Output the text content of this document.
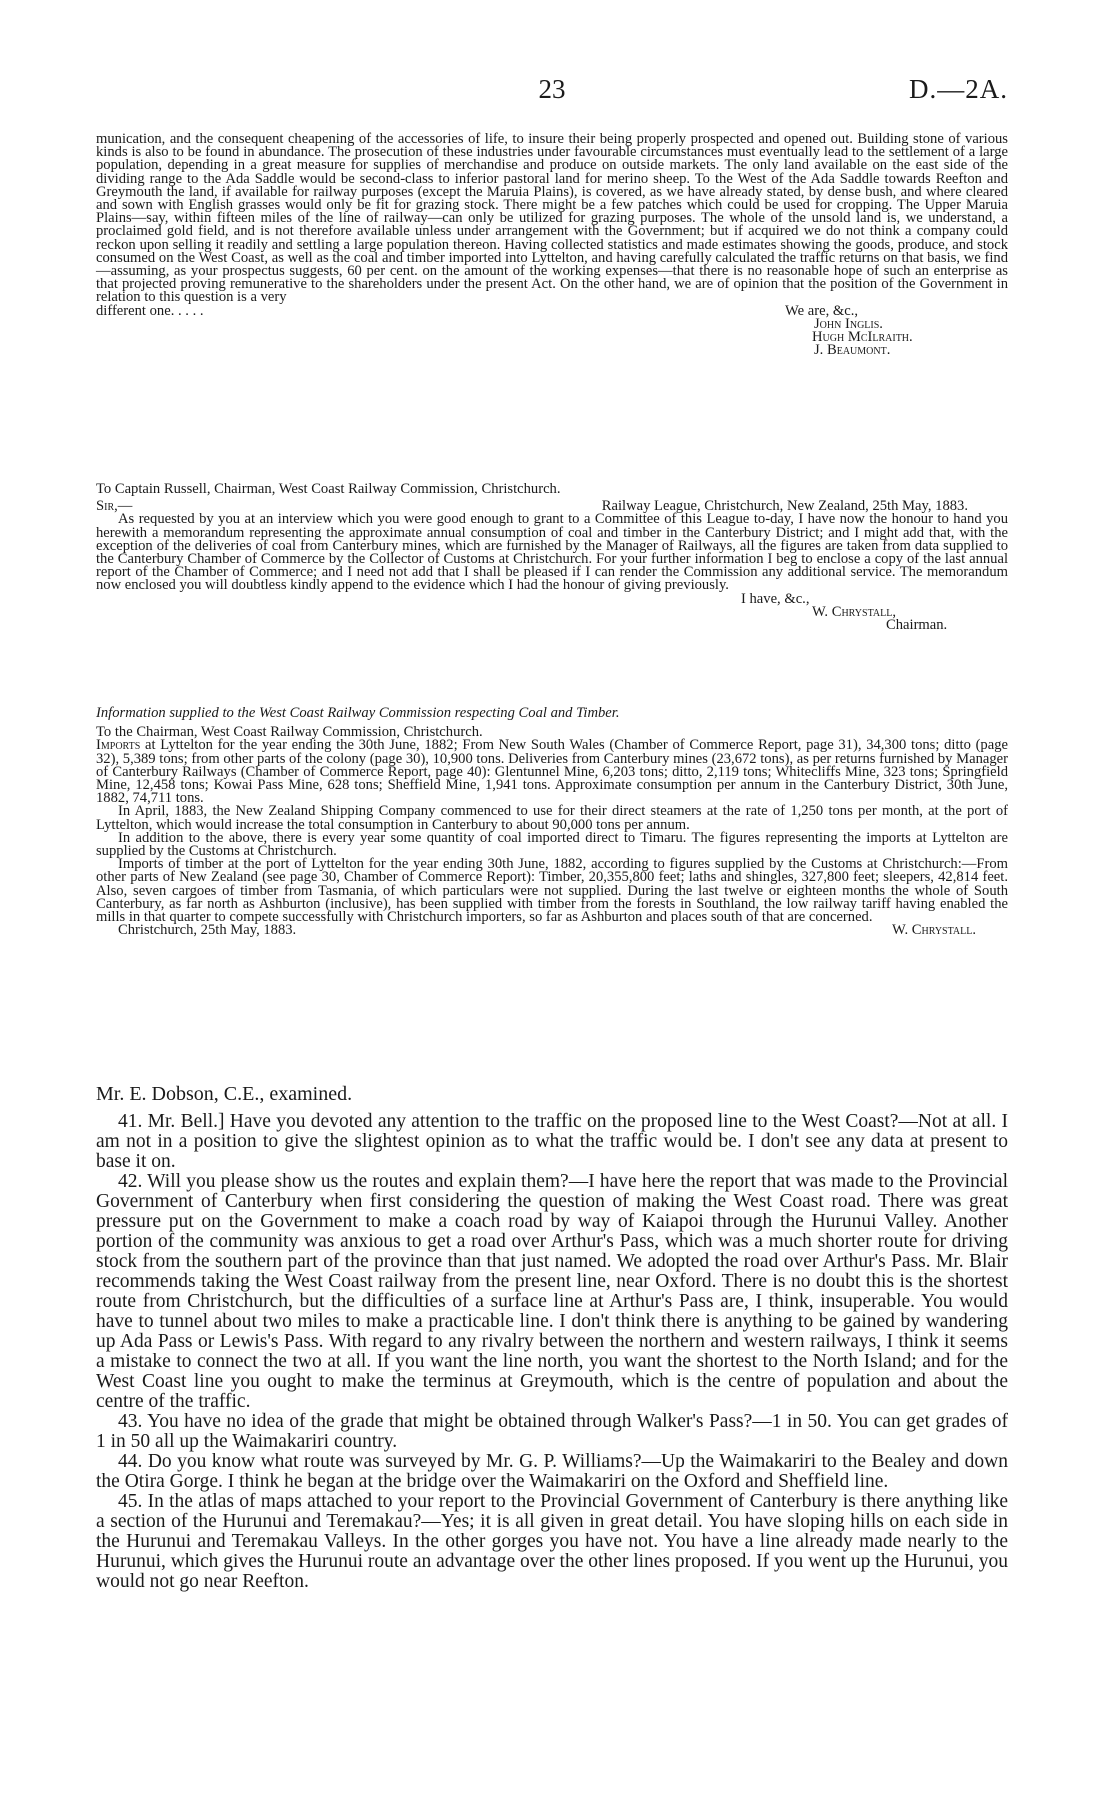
23	D.—2A.

munication, and the consequent cheapening of the accessories of life, to insure their being properly prospected and opened out. Building stone of various kinds is also to be found in abundance. The prosecution of these industries under favourable circumstances must eventually lead to the settlement of a large population, depending in a great measure for supplies of merchandise and produce on outside markets. The only land available on the east side of the dividing range to the Ada Saddle would be second-class to inferior pastoral land for merino sheep. To the West of the Ada Saddle towards Reefton and Greymouth the land, if available for railway purposes (except the Maruia Plains), is covered, as we have already stated, by dense bush, and where cleared and sown with English grasses would only be fit for grazing stock. There might be a few patches which could be used for cropping. The Upper Maruia Plains—say, within fifteen miles of the line of railway—can only be utilized for grazing purposes. The whole of the unsold land is, we understand, a proclaimed gold field, and is not therefore available unless under arrangement with the Government; but if acquired we do not think a company could reckon upon selling it readily and settling a large population thereon. Having collected statistics and made estimates showing the goods, produce, and stock consumed on the West Coast, as well as the coal and timber imported into Lyttelton, and having carefully calculated the traffic returns on that basis, we find—assuming, as your prospectus suggests, 60 per cent. on the amount of the working expenses—that there is no reasonable hope of such an enterprise as that projected proving remunerative to the shareholders under the present Act. On the other hand, we are of opinion that the position of the Government in relation to this question is a very

different one. . . . .	We are, &c.,
John Inglis.
Hugh McIlraith.
J. Beaumont.

To Captain Russell, Chairman, West Coast Railway Commission, Christchurch.

Sir,—	Railway League, Christchurch, New Zealand, 25th May, 1883.

As requested by you at an interview which you were good enough to grant to a Committee of this League to-day, I have now the honour to hand you herewith a memorandum representing the approximate annual consumption of coal and timber in the Canterbury District; and I might add that, with the exception of the deliveries of coal from Canterbury mines, which are furnished by the Manager of Railways, all the figures are taken from data supplied to the Canterbury Chamber of Commerce by the Collector of Customs at Christchurch. For your further information I beg to enclose a copy of the last annual report of the Chamber of Commerce; and I need not add that I shall be pleased if I can render the Commission any additional service. The memorandum now enclosed you will doubtless kindly append to the evidence which I had the honour of giving previously.

I have, &c.,
W. Chrystall,
Chairman.

Information supplied to the West Coast Railway Commission respecting Coal and Timber.

To the Chairman, West Coast Railway Commission, Christchurch.

Imports at Lyttelton for the year ending the 30th June, 1882; From New South Wales (Chamber of Commerce Report, page 31), 34,300 tons; ditto (page 32), 5,389 tons; from other parts of the colony (page 30), 10,900 tons. Deliveries from Canterbury mines (23,672 tons), as per returns furnished by Manager of Canterbury Railways (Chamber of Commerce Report, page 40): Glentunnel Mine, 6,203 tons; ditto, 2,119 tons; Whitecliffs Mine, 323 tons; Springfield Mine, 12,458 tons; Kowai Pass Mine, 628 tons; Sheffield Mine, 1,941 tons. Approximate consumption per annum in the Canterbury District, 30th June, 1882, 74,711 tons.

In April, 1883, the New Zealand Shipping Company commenced to use for their direct steamers at the rate of 1,250 tons per month, at the port of Lyttelton, which would increase the total consumption in Canterbury to about 90,000 tons per annum.

In addition to the above, there is every year some quantity of coal imported direct to Timaru. The figures representing the imports at Lyttelton are supplied by the Customs at Christchurch.

Imports of timber at the port of Lyttelton for the year ending 30th June, 1882, according to figures supplied by the Customs at Christchurch:—From other parts of New Zealand (see page 30, Chamber of Commerce Report): Timber, 20,355,800 feet; laths and shingles, 327,800 feet; sleepers, 42,814 feet. Also, seven cargoes of timber from Tasmania, of which particulars were not supplied. During the last twelve or eighteen months the whole of South Canterbury, as far north as Ashburton (inclusive), has been supplied with timber from the forests in Southland, the low railway tariff having enabled the mills in that quarter to compete successfully with Christchurch importers, so far as Ashburton and places south of that are concerned.

Christchurch, 25th May, 1883.	W. Chrystall.

Mr. E. Dobson, C.E., examined.

41. Mr. Bell.] Have you devoted any attention to the traffic on the proposed line to the West Coast?—Not at all. I am not in a position to give the slightest opinion as to what the traffic would be. I don't see any data at present to base it on.

42. Will you please show us the routes and explain them?—I have here the report that was made to the Provincial Government of Canterbury when first considering the question of making the West Coast road. There was great pressure put on the Government to make a coach road by way of Kaiapoi through the Hurunui Valley. Another portion of the community was anxious to get a road over Arthur's Pass, which was a much shorter route for driving stock from the southern part of the province than that just named. We adopted the road over Arthur's Pass. Mr. Blair recommends taking the West Coast railway from the present line, near Oxford. There is no doubt this is the shortest route from Christchurch, but the difficulties of a surface line at Arthur's Pass are, I think, insuperable. You would have to tunnel about two miles to make a practicable line. I don't think there is anything to be gained by wandering up Ada Pass or Lewis's Pass. With regard to any rivalry between the northern and western railways, I think it seems a mistake to connect the two at all. If you want the line north, you want the shortest to the North Island; and for the West Coast line you ought to make the terminus at Greymouth, which is the centre of population and about the centre of the traffic.

43. You have no idea of the grade that might be obtained through Walker's Pass?—1 in 50. You can get grades of 1 in 50 all up the Waimakariri country.

44. Do you know what route was surveyed by Mr. G. P. Williams?—Up the Waimakariri to the Bealey and down the Otira Gorge. I think he began at the bridge over the Waimakariri on the Oxford and Sheffield line.

45. In the atlas of maps attached to your report to the Provincial Government of Canterbury is there anything like a section of the Hurunui and Teremakau?—Yes; it is all given in great detail. You have sloping hills on each side in the Hurunui and Teremakau Valleys. In the other gorges you have not. You have a line already made nearly to the Hurunui, which gives the Hurunui route an advantage over the other lines proposed. If you went up the Hurunui, you would not go near Reefton.
